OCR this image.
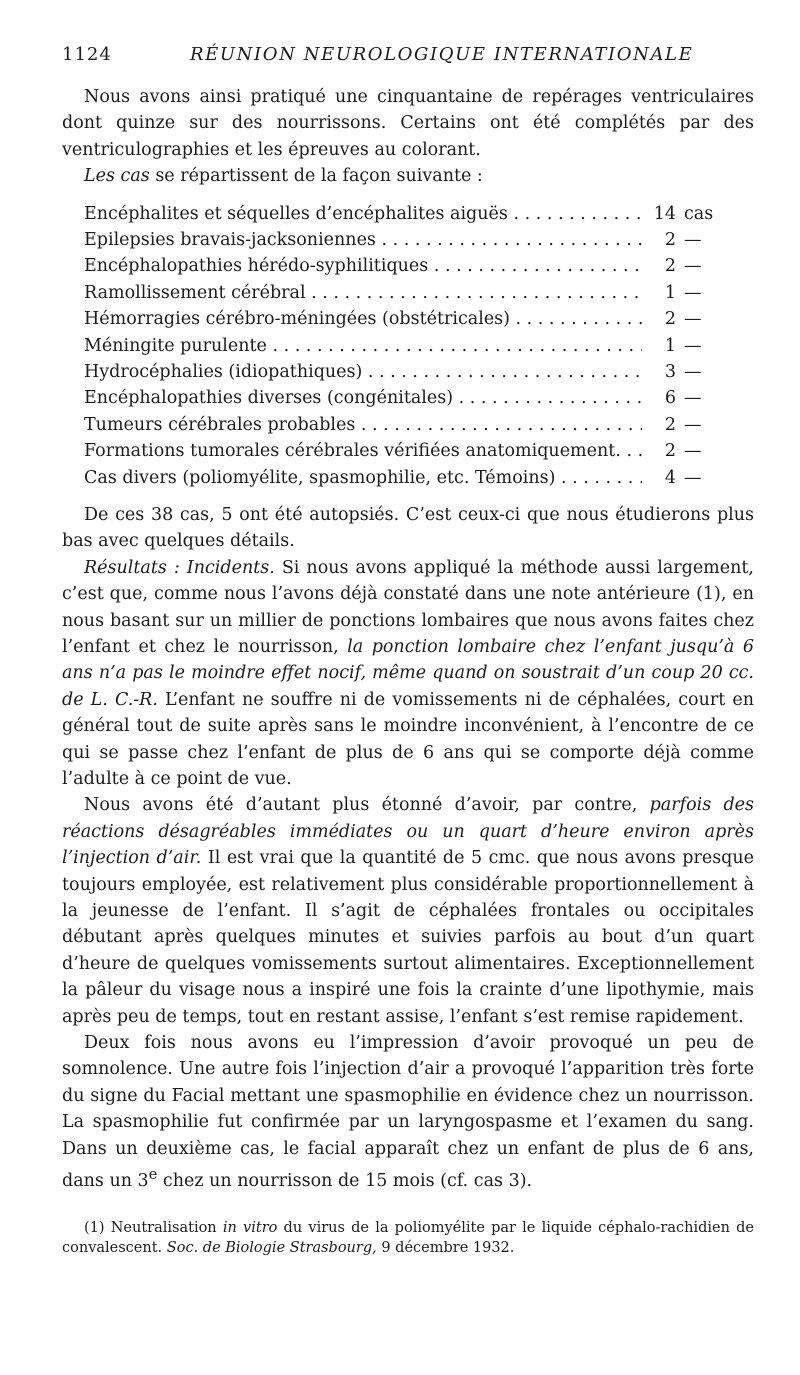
1124	RÉUNION NEUROLOGIQUE INTERNATIONALE

Nous avons ainsi pratiqué une cinquantaine de repérages ventriculaires dont quinze sur des nourrissons. Certains ont été complétés par des ventriculographies et les épreuves au colorant.

Les cas se répartissent de la façon suivante :

Encéphalites et séquelles d’encéphalites aiguës . . .	14 cas
Epilepsies bravais-jacksoniennes . . .	2 —
Encéphalopathies hérédo-syphilitiques . . .	2 —
Ramollissement cérébral . . .	1 —
Hémorragies cérébro-méningées (obstétricales) . . .	2 —
Méningite purulente . . .	1 —
Hydrocéphalies (idiopathiques) . . .	3 —
Encéphalopathies diverses (congénitales) . . .	6 —
Tumeurs cérébrales probables . . .	2 —
Formations tumorales cérébrales vérifiées anatomiquement. . . .	2 —
Cas divers (poliomyélite, spasmophilie, etc. Témoins) . . .	4 —

De ces 38 cas, 5 ont été autopsiés. C’est ceux-ci que nous étudierons plus bas avec quelques détails.

Résultats : Incidents. Si nous avons appliqué la méthode aussi largement, c’est que, comme nous l’avons déjà constaté dans une note antérieure (1), en nous basant sur un millier de ponctions lombaires que nous avons faites chez l’enfant et chez le nourrisson, la ponction lombaire chez l’enfant jusqu’à 6 ans n’a pas le moindre effet nocif, même quand on soustrait d’un coup 20 cc. de L. C.-R. L’enfant ne souffre ni de vomissements ni de céphalées, court en général tout de suite après sans le moindre inconvénient, à l’encontre de ce qui se passe chez l’enfant de plus de 6 ans qui se comporte déjà comme l’adulte à ce point de vue.

Nous avons été d’autant plus étonné d’avoir, par contre, parfois des réactions désagréables immédiates ou un quart d’heure environ après l’injection d’air. Il est vrai que la quantité de 5 cmc. que nous avons presque toujours employée, est relativement plus considérable proportionnellement à la jeunesse de l’enfant. Il s’agit de céphalées frontales ou occipitales débutant après quelques minutes et suivies parfois au bout d’un quart d’heure de quelques vomissements surtout alimentaires. Exceptionnellement la pâleur du visage nous a inspiré une fois la crainte d’une lipothymie, mais après peu de temps, tout en restant assise, l’enfant s’est remise rapidement.

Deux fois nous avons eu l’impression d’avoir provoqué un peu de somnolence. Une autre fois l’injection d’air a provoqué l’apparition très forte du signe du Facial mettant une spasmophilie en évidence chez un nourrisson. La spasmophilie fut confirmée par un laryngospasme et l’examen du sang. Dans un deuxième cas, le facial apparaît chez un enfant de plus de 6 ans, dans un 3e chez un nourrisson de 15 mois (cf. cas 3).

(1) Neutralisation in vitro du virus de la poliomyélite par le liquide céphalo-rachidien de convalescent. Soc. de Biologie Strasbourg, 9 décembre 1932.
